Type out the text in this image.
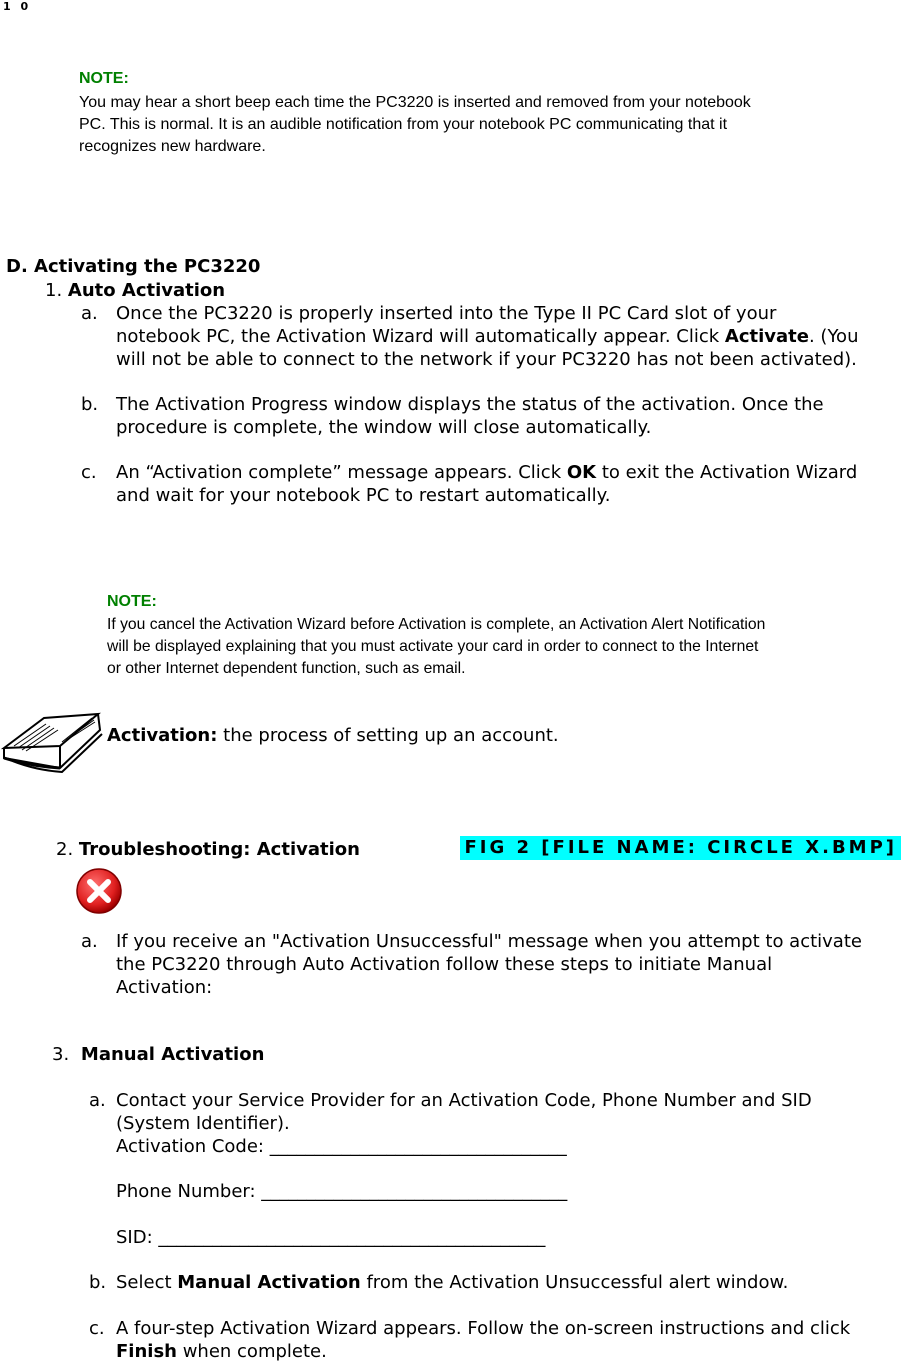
1 0
NOTE:
You may hear a short beep each time the PC3220 is inserted and removed from your notebook
PC. This is normal. It is an audible notification from your notebook PC communicating that it
recognizes new hardware.
D. Activating the PC3220
1. Auto Activation
a. Once the PC3220 is properly inserted into the Type II PC Card slot of your
notebook PC, the Activation Wizard will automatically appear. Click Activate. (You
will not be able to connect to the network if your PC3220 has not been activated).
b. The Activation Progress window displays the status of the activation. Once the
procedure is complete, the window will close automatically.
c. An “Activation complete” message appears. Click OK to exit the Activation Wizard
and wait for your notebook PC to restart automatically.
NOTE:
If you cancel the Activation Wizard before Activation is complete, an Activation Alert Notification
will be displayed explaining that you must activate your card in order to connect to the Internet
or other Internet dependent function, such as email.
Activation: the process of setting up an account.
2. Troubleshooting: Activation	FIG 2 [FILE NAME: CIRCLE X.BMP]
a. If you receive an "Activation Unsuccessful" message when you attempt to activate
the PC3220 through Auto Activation follow these steps to initiate Manual
Activation:
3. Manual Activation
a. Contact your Service Provider for an Activation Code, Phone Number and SID
(System Identifier).
Activation Code: _________________________________
Phone Number: __________________________________
SID: ___________________________________________
b. Select Manual Activation from the Activation Unsuccessful alert window.
c. A four-step Activation Wizard appears. Follow the on-screen instructions and click
Finish when complete.
